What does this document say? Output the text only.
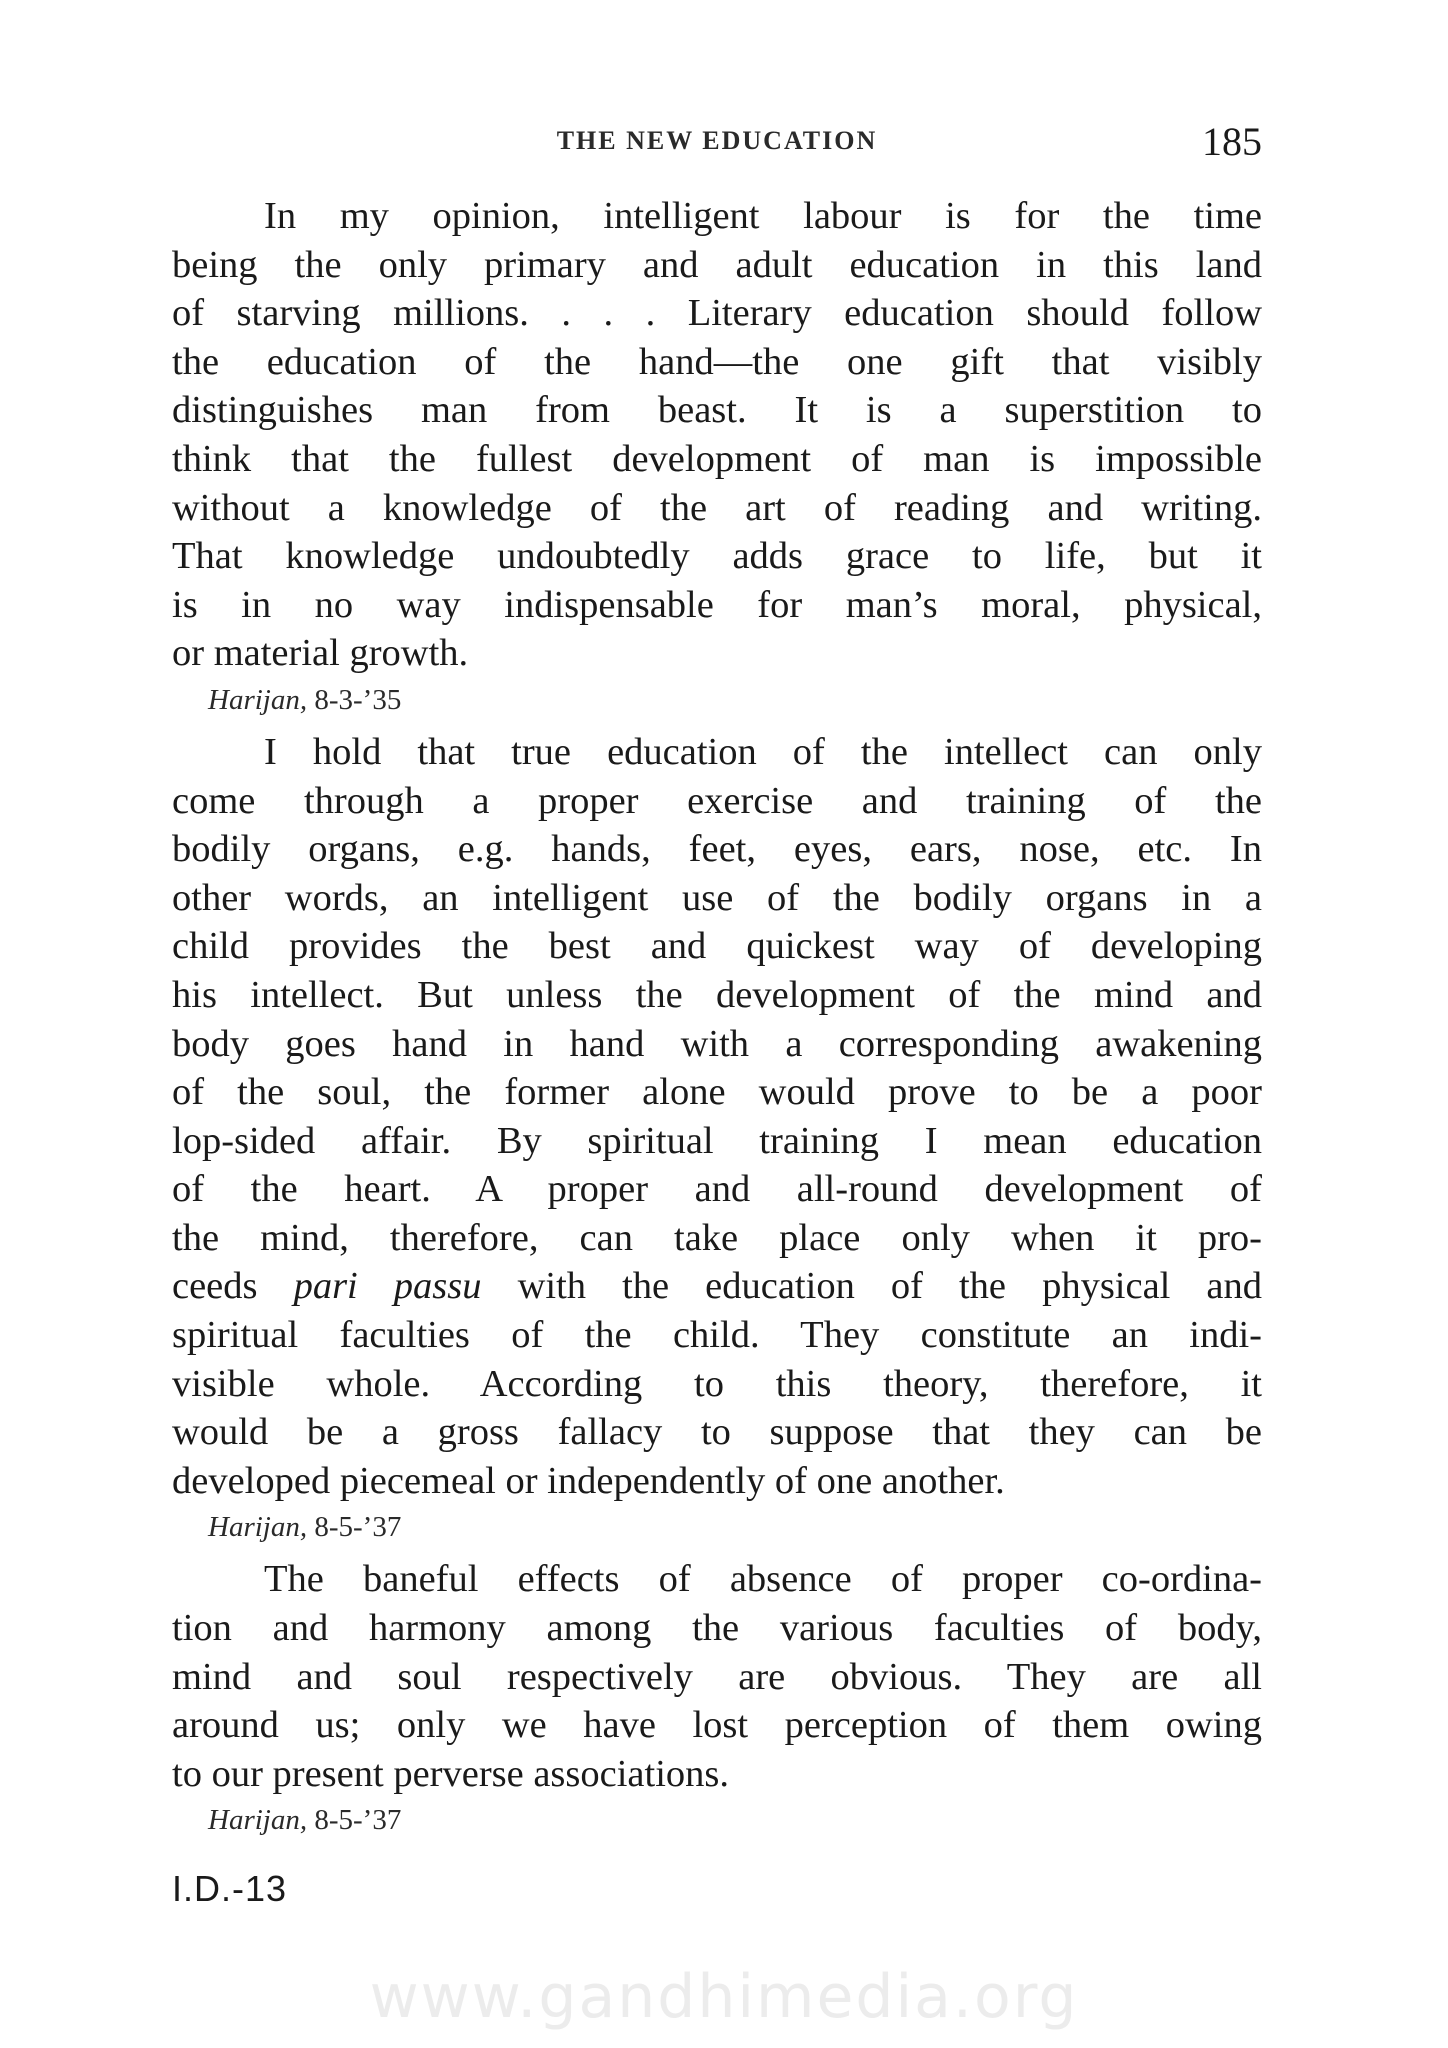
THE NEW EDUCATION	185

In my opinion, intelligent labour is for the time
being the only primary and adult education in this land
of starving millions. . . . Literary education should follow
the education of the hand—the one gift that visibly
distinguishes man from beast. It is a superstition to
think that the fullest development of man is impossible
without a knowledge of the art of reading and writing.
That knowledge undoubtedly adds grace to life, but it
is in no way indispensable for man’s moral, physical,
or material growth.

Harijan, 8-3-’35

I hold that true education of the intellect can only
come through a proper exercise and training of the
bodily organs, e.g. hands, feet, eyes, ears, nose, etc. In
other words, an intelligent use of the bodily organs in a
child provides the best and quickest way of developing
his intellect. But unless the development of the mind and
body goes hand in hand with a corresponding awakening
of the soul, the former alone would prove to be a poor
lop-sided affair. By spiritual training I mean education
of the heart. A proper and all-round development of
the mind, therefore, can take place only when it pro-
ceeds pari passu with the education of the physical and
spiritual faculties of the child. They constitute an indi-
visible whole. According to this theory, therefore, it
would be a gross fallacy to suppose that they can be
developed piecemeal or independently of one another.

Harijan, 8-5-’37

The baneful effects of absence of proper co-ordina-
tion and harmony among the various faculties of body,
mind and soul respectively are obvious. They are all
around us; only we have lost perception of them owing
to our present perverse associations.

Harijan, 8-5-’37
I.D.-13
www.gandhimedia.org
